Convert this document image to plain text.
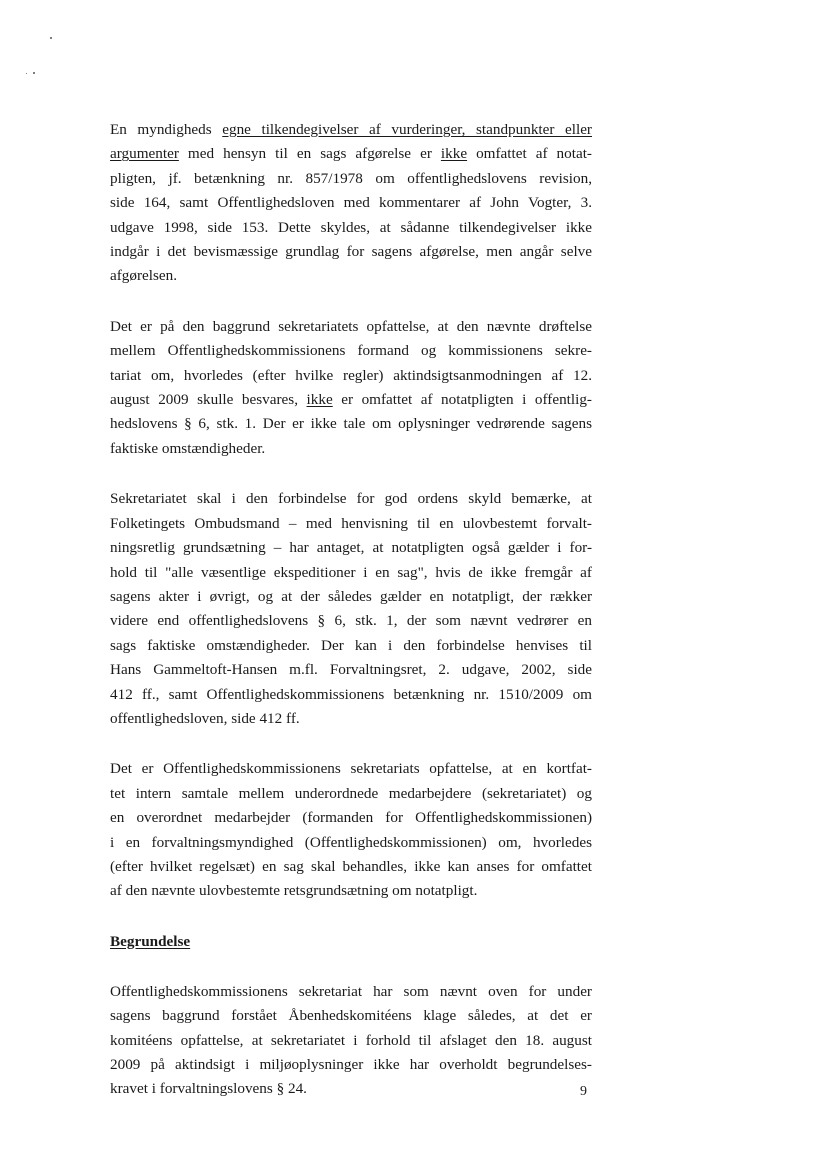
En myndigheds egne tilkendegivelser af vurderinger, standpunkter eller
argumenter med hensyn til en sags afgørelse er ikke omfattet af notat-
pligten, jf. betænkning nr. 857/1978 om offentlighedslovens revision,
side 164, samt Offentlighedsloven med kommentarer af John Vogter, 3.
udgave 1998, side 153. Dette skyldes, at sådanne tilkendegivelser ikke
indgår i det bevismæssige grundlag for sagens afgørelse, men angår selve
afgørelsen.

Det er på den baggrund sekretariatets opfattelse, at den nævnte drøftelse
mellem Offentlighedskommissionens formand og kommissionens sekre-
tariat om, hvorledes (efter hvilke regler) aktindsigtsanmodningen af 12.
august 2009 skulle besvares, ikke er omfattet af notatpligten i offentlig-
hedslovens § 6, stk. 1. Der er ikke tale om oplysninger vedrørende sagens
faktiske omstændigheder.

Sekretariatet skal i den forbindelse for god ordens skyld bemærke, at
Folketingets Ombudsmand – med henvisning til en ulovbestemt forvalt-
ningsretlig grundsætning – har antaget, at notatpligten også gælder i for-
hold til "alle væsentlige ekspeditioner i en sag", hvis de ikke fremgår af
sagens akter i øvrigt, og at der således gælder en notatpligt, der rækker
videre end offentlighedslovens § 6, stk. 1, der som nævnt vedrører en
sags faktiske omstændigheder. Der kan i den forbindelse henvises til
Hans Gammeltoft-Hansen m.fl. Forvaltningsret, 2. udgave, 2002, side
412 ff., samt Offentlighedskommissionens betænkning nr. 1510/2009 om
offentlighedsloven, side 412 ff.

Det er Offentlighedskommissionens sekretariats opfattelse, at en kortfat-
tet intern samtale mellem underordnede medarbejdere (sekretariatet) og
en overordnet medarbejder (formanden for Offentlighedskommissionen)
i en forvaltningsmyndighed (Offentlighedskommissionen) om, hvorledes
(efter hvilket regelsæt) en sag skal behandles, ikke kan anses for omfattet
af den nævnte ulovbestemte retsgrundsætning om notatpligt.

Begrundelse

Offentlighedskommissionens sekretariat har som nævnt oven for under
sagens baggrund forstået Åbenhedskomitéens klage således, at det er
komitéens opfattelse, at sekretariatet i forhold til afslaget den 18. august
2009 på aktindsigt i miljøoplysninger ikke har overholdt begrundelses-
kravet i forvaltningslovens § 24.	9
